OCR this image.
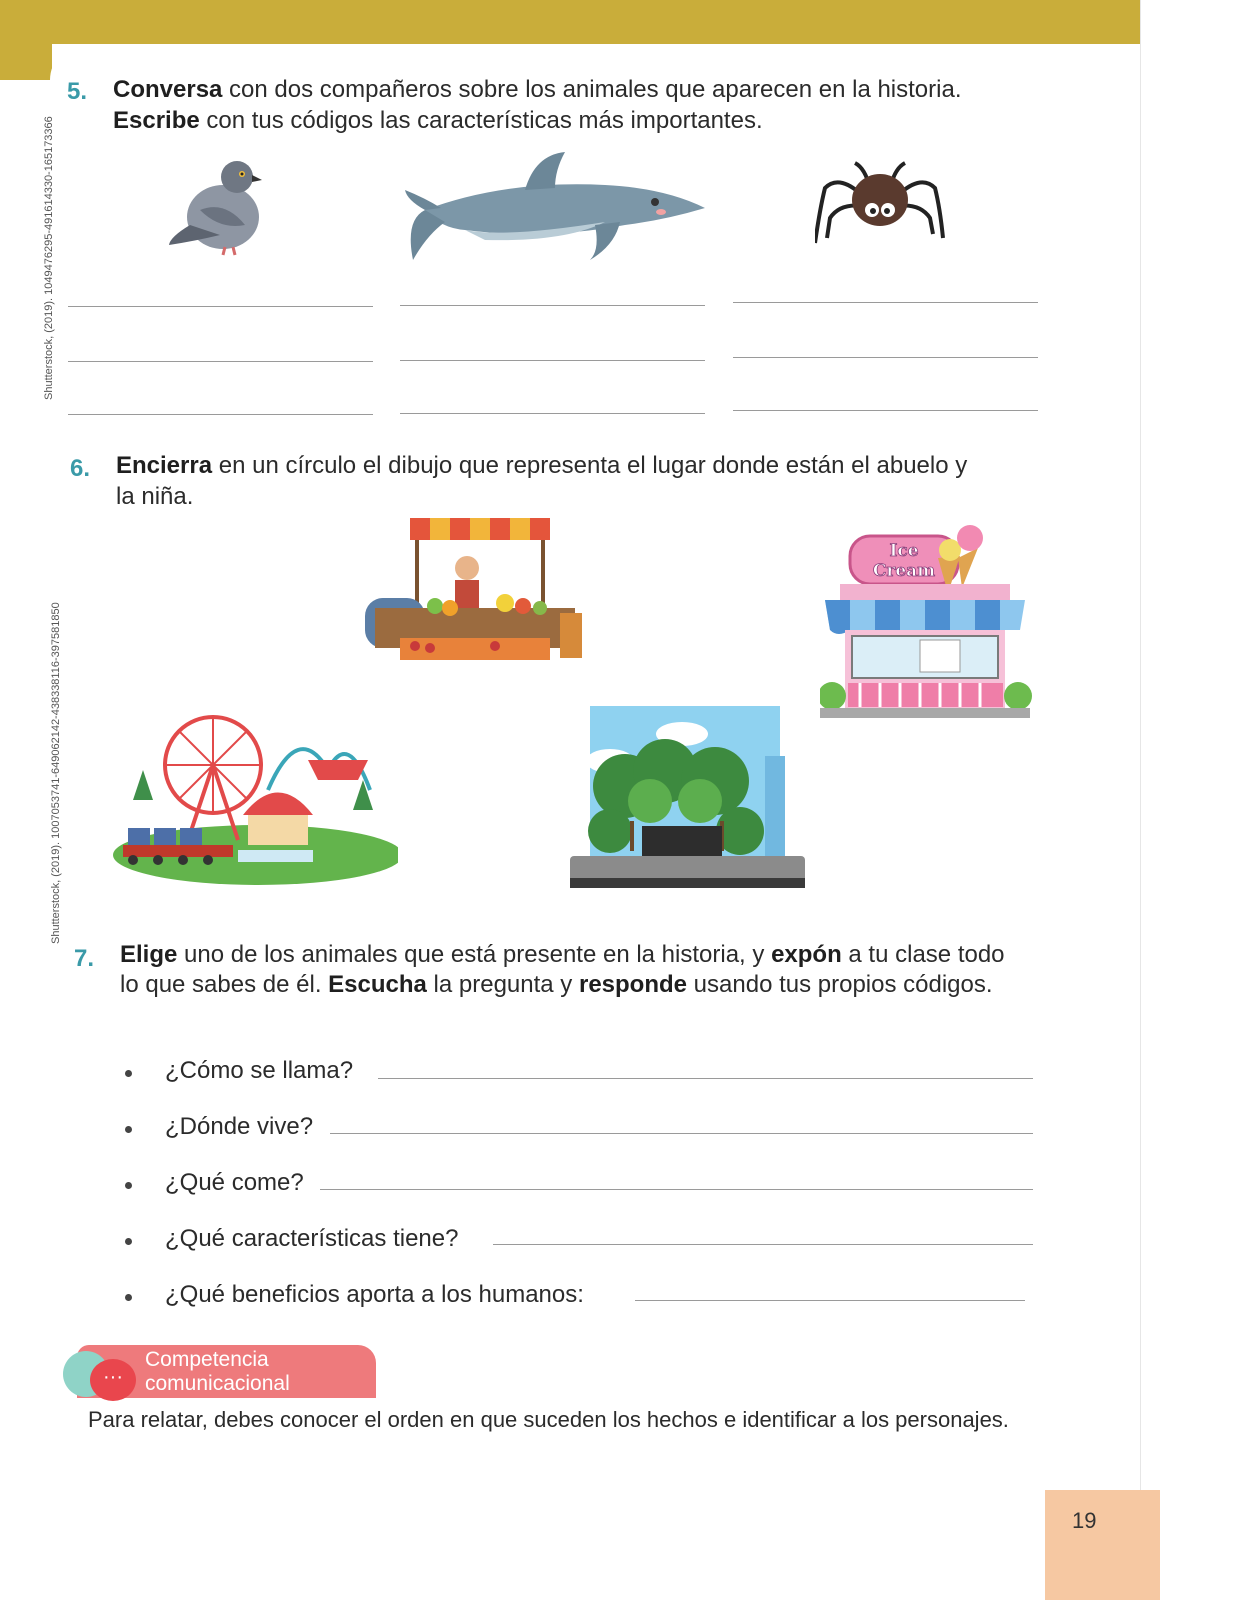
Shutterstock, (2019). 1049476295-491614330-165173366
Shutterstock, (2019). 1007053741-649062142-438338116-397581850
5. Conversa con dos compañeros sobre los animales que aparecen en la historia. Escribe con tus códigos las características más importantes.
6. Encierra en un círculo el dibujo que representa el lugar donde están el abuelo y la niña.
Ice
Cream
7. Elige uno de los animales que está presente en la historia, y expón a tu clase todo lo que sabes de él. Escucha la pregunta y responde usando tus propios códigos.
¿Cómo se llama?
¿Dónde vive?
¿Qué come?
¿Qué características tiene?
¿Qué beneficios aporta a los humanos:
···
Competencia
comunicacional
Para relatar, debes conocer el orden en que suceden los hechos e identificar a los personajes.
19
